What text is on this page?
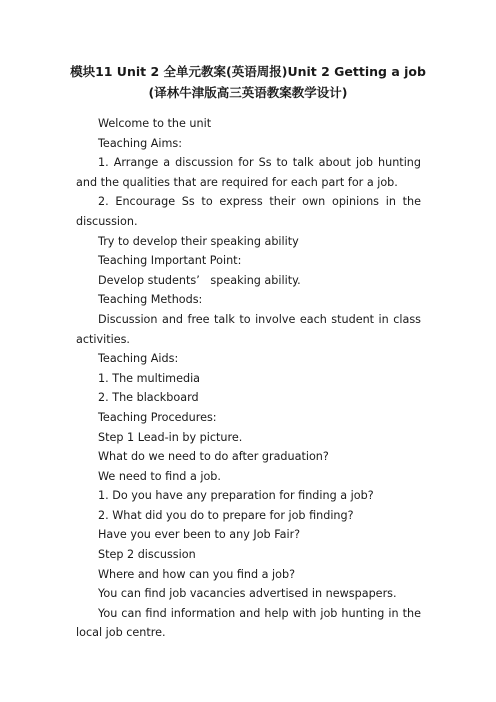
模块11 Unit 2 全单元教案(英语周报)Unit 2 Getting a job
(译林牛津版高三英语教案教学设计)

Welcome to the unit

Teaching Aims:

1. Arrange a discussion for Ss to talk about job hunting and the qualities that are required for each part for a job.

2. Encourage Ss to express their own opinions in the discussion.

Try to develop their speaking ability

Teaching Important Point:

Develop students’   speaking ability.

Teaching Methods:

Discussion and free talk to involve each student in class activities.

Teaching Aids:

1. The multimedia

2. The blackboard

Teaching Procedures:

Step 1 Lead-in by picture.

What do we need to do after graduation?

We need to find a job.

1. Do you have any preparation for finding a job?

2. What did you do to prepare for job finding?

Have you ever been to any Job Fair?

Step 2 discussion

Where and how can you find a job?

You can find job vacancies advertised in newspapers.

You can find information and help with job hunting in the local job centre.
